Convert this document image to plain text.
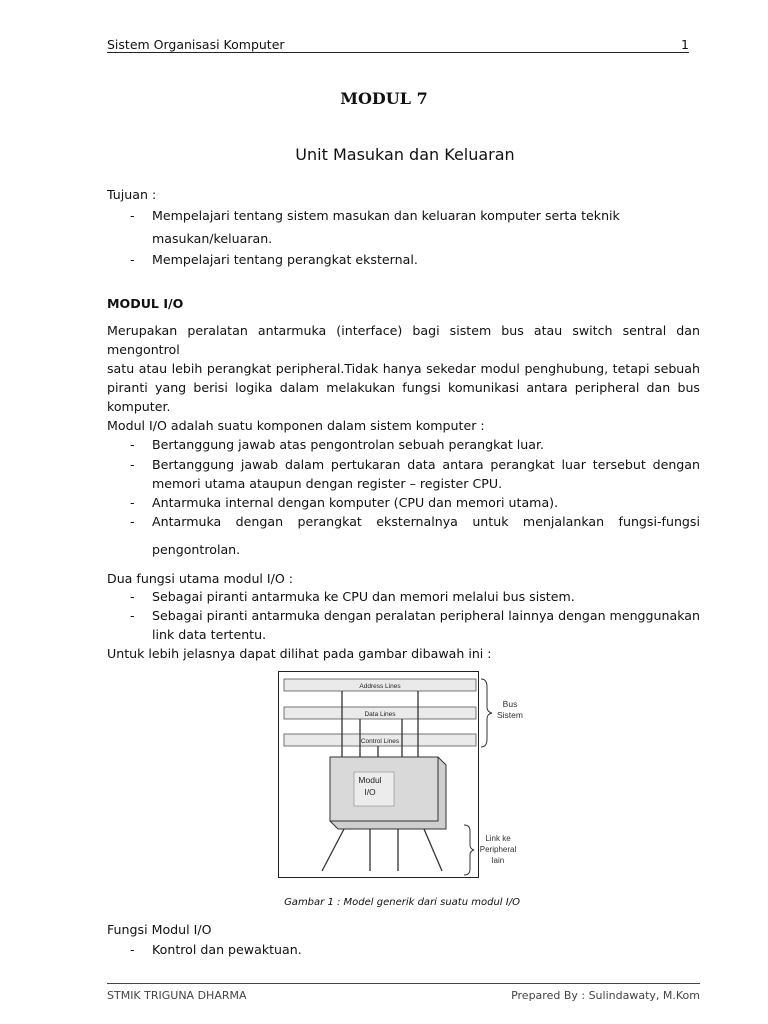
Sistem Organisasi Komputer	1
MODUL 7
Unit Masukan dan Keluaran
Tujuan :
- Mempelajari tentang sistem masukan dan keluaran komputer serta teknik
masukan/keluaran.
- Mempelajari tentang perangkat eksternal.
MODUL I/O
Merupakan peralatan antarmuka (interface) bagi sistem bus atau switch sentral dan mengontrol
satu atau lebih perangkat peripheral.Tidak hanya sekedar modul penghubung, tetapi sebuah
piranti yang berisi logika dalam melakukan fungsi komunikasi antara peripheral dan bus
komputer.
Modul I/O adalah suatu komponen dalam sistem komputer :
- Bertanggung jawab atas pengontrolan sebuah perangkat luar.
- Bertanggung jawab dalam pertukaran data antara perangkat luar tersebut dengan
memori utama ataupun dengan register – register CPU.
- Antarmuka internal dengan komputer (CPU dan memori utama).
- Antarmuka dengan perangkat eksternalnya untuk menjalankan fungsi-fungsi
pengontrolan.
Dua fungsi utama modul I/O :
- Sebagai piranti antarmuka ke CPU dan memori melalui bus sistem.
- Sebagai piranti antarmuka dengan peralatan peripheral lainnya dengan menggunakan
link data tertentu.
Untuk lebih jelasnya dapat dilihat pada gambar dibawah ini :
Address Lines
Data Lines
Control Lines
Modul
I/O
Bus
Sistem
Link ke
Peripheral
lain
Gambar 1 : Model generik dari suatu modul I/O
Fungsi Modul I/O
- Kontrol dan pewaktuan.
STMIK TRIGUNA DHARMA	Prepared By : Sulindawaty, M.Kom
